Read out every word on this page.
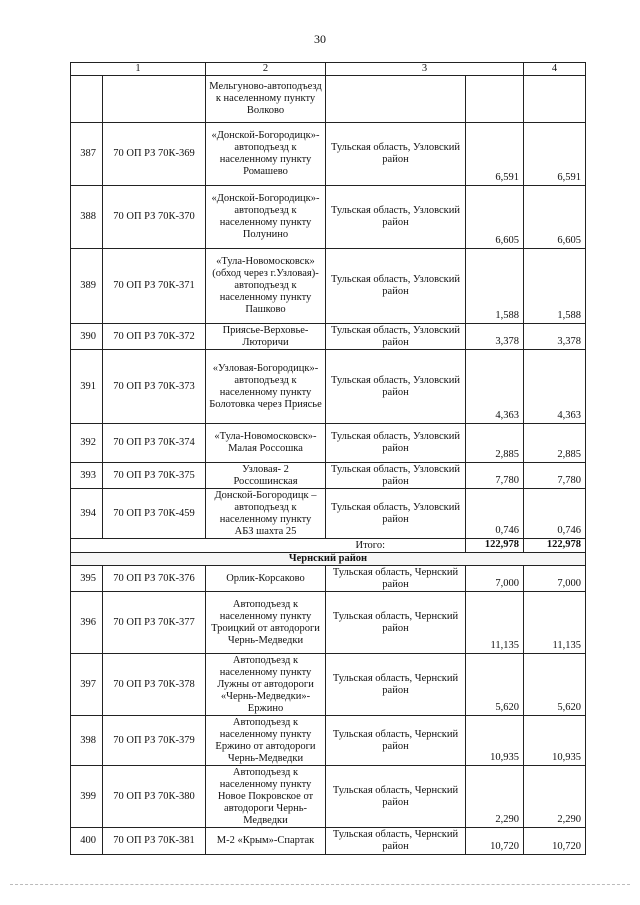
30
1		2	3		4
		Мельгуново-автоподъезд к населенному пункту Волково			
387	70 ОП РЗ 70К-369	«Донской-Богородицк»-автоподъезд к населенному пункту Ромашево	Тульская область, Узловский район	6,591	6,591
388	70 ОП РЗ 70К-370	«Донской-Богородицк»-автоподъезд к населенному пункту Полунино	Тульская область, Узловский район	6,605	6,605
389	70 ОП РЗ 70К-371	«Тула-Новомосковск» (обход через г.Узловая)-автоподъезд к населенному пункту Пашково	Тульская область, Узловский район	1,588	1,588
390	70 ОП РЗ 70К-372	Приясье-Верховье-Люторичи	Тульская область, Узловский район	3,378	3,378
391	70 ОП РЗ 70К-373	«Узловая-Богородицк»-автоподъезд к населенному пункту Болотовка через Приясье	Тульская область, Узловский район	4,363	4,363
392	70 ОП РЗ 70К-374	«Тула-Новомосковск»-Малая Россошка	Тульская область, Узловский район	2,885	2,885
393	70 ОП РЗ 70К-375	Узловая- 2 Россошинская	Тульская область, Узловский район	7,780	7,780
394	70 ОП РЗ 70К-459	Донской-Богородицк – автоподъезд к населенному пункту АБЗ шахта 25	Тульская область, Узловский район	0,746	0,746
Итого:				122,978	122,978
Чернский район					
395	70 ОП РЗ 70К-376	Орлик-Корсаково	Тульская область, Чернский район	7,000	7,000
396	70 ОП РЗ 70К-377	Автоподъезд к населенному пункту Троицкий от автодороги Чернь-Медведки	Тульская область, Чернский район	11,135	11,135
397	70 ОП РЗ 70К-378	Автоподъезд к населенному пункту Лужны от автодороги «Чернь-Медведки»-Ержино	Тульская область, Чернский район	5,620	5,620
398	70 ОП РЗ 70К-379	Автоподъезд к населенному пункту Ержино от автодороги Чернь-Медведки	Тульская область, Чернский район	10,935	10,935
399	70 ОП РЗ 70К-380	Автоподъезд к населенному пункту Новое Покровское от автодороги Чернь-Медведки	Тульская область, Чернский район	2,290	2,290
400	70 ОП РЗ 70К-381	М-2 «Крым»-Спартак	Тульская область, Чернский район	10,720	10,720
